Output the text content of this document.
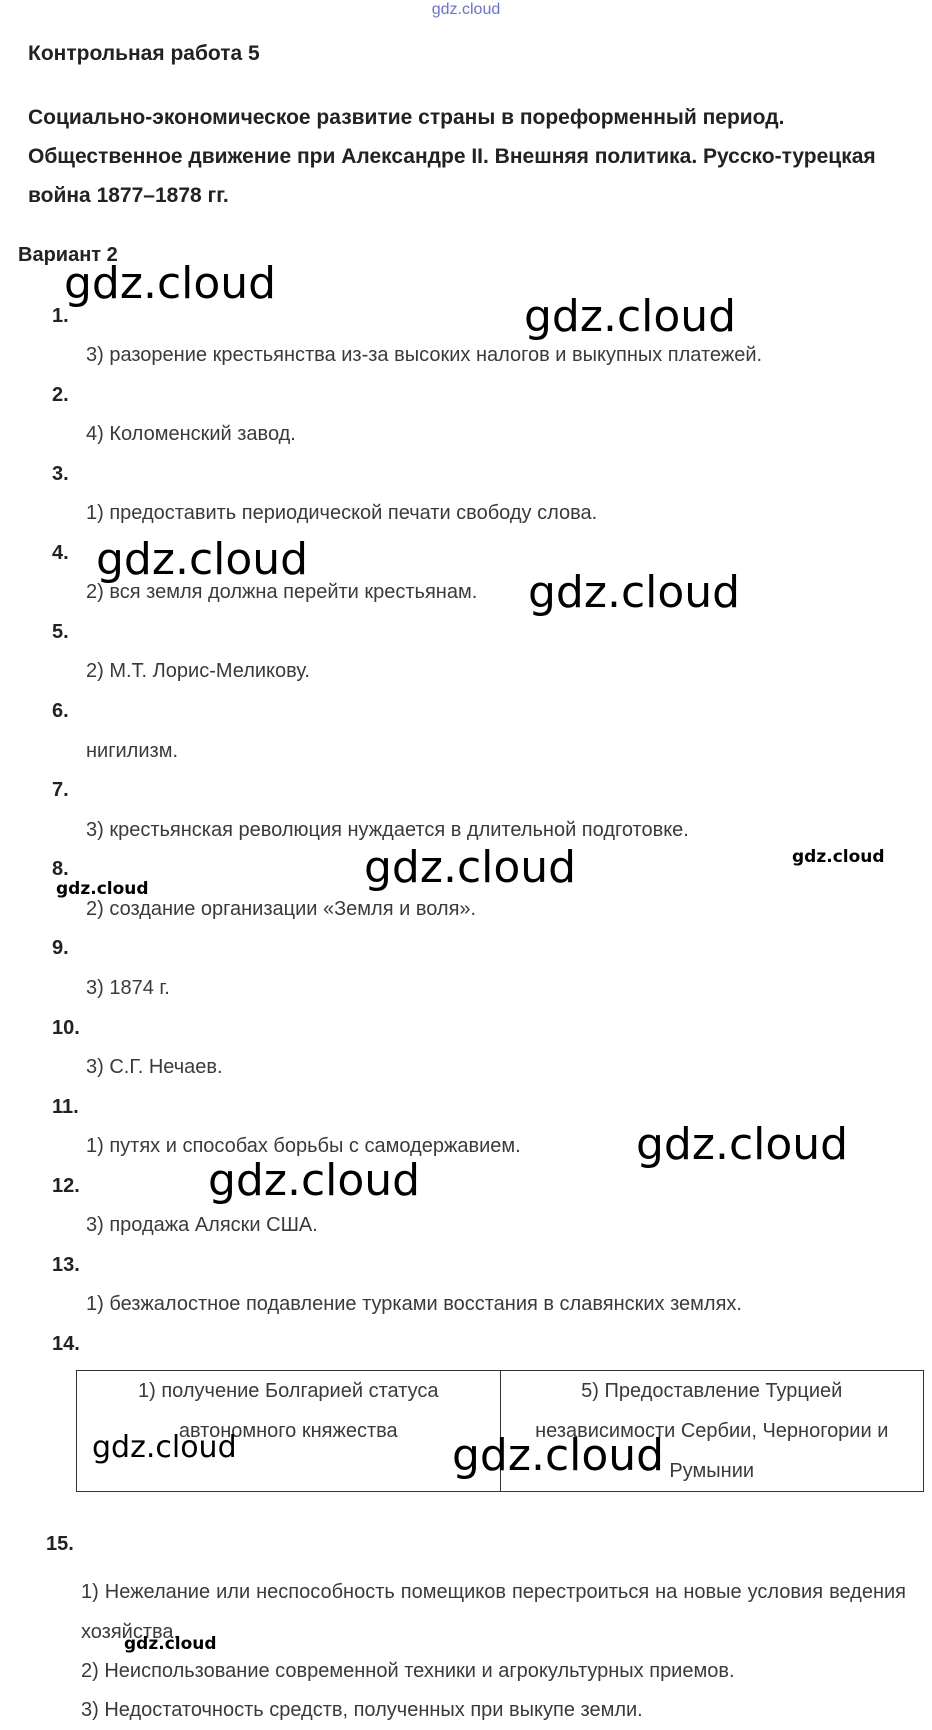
gdz.cloud
Контрольная работа 5
Социально-экономическое развитие страны в пореформенный период. Общественное движение при Александре II. Внешняя политика. Русско-турецкая война 1877–1878 гг.
Вариант 2
1.
3) разорение крестьянства из-за высоких налогов и выкупных платежей.
2.
4) Коломенский завод.
3.
1) предоставить периодической печати свободу слова.
4.
2) вся земля должна перейти крестьянам.
5.
2) М.Т. Лорис-Меликову.
6.
нигилизм.
7.
3) крестьянская революция нуждается в длительной подготовке.
8.
2) создание организации «Земля и воля».
9.
3) 1874 г.
10.
3) С.Г. Нечаев.
11.
1) путях и способах борьбы с самодержавием.
12.
3) продажа Аляски США.
13.
1) безжалостное подавление турками восстания в славянских землях.
14.
1) получение Болгарией статуса автономного княжества	5) Предоставление Турцией независимости Сербии, Черногории и Румынии
15.
1) Нежелание или неспособность помещиков перестроиться на новые условия ведения хозяйства.
2) Неиспользование современной техники и агрокультурных приемов.
3) Недостаточность средств, полученных при выкупе земли.
gdz.cloud
gdz.cloud
gdz.cloud
gdz.cloud
gdz.cloud
gdz.cloud
gdz.cloud
gdz.cloud
gdz.cloud
gdz.cloud	gdz.cloud
gdz.cloud
